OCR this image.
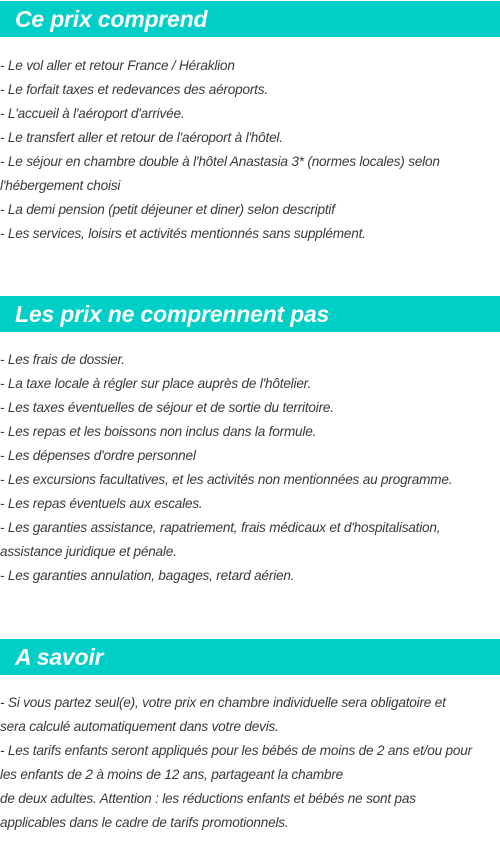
Ce prix comprend
- Le vol aller et retour France / Héraklion
- Le forfait taxes et redevances des aéroports.
- L'accueil à l'aéroport d'arrivée.
- Le transfert aller et retour de l'aéroport à l'hôtel.
- Le séjour en chambre double à l'hôtel Anastasia 3* (normes locales) selon
l'hébergement choisi
- La demi pension (petit déjeuner et diner) selon descriptif
- Les services, loisirs et activités mentionnés sans supplément.
Les prix ne comprennent pas
- Les frais de dossier.
- La taxe locale à régler sur place auprès de l'hôtelier.
- Les taxes éventuelles de séjour et de sortie du territoire.
- Les repas et les boissons non inclus dans la formule.
- Les dépenses d'ordre personnel
- Les excursions facultatives, et les activités non mentionnées au programme.
- Les repas éventuels aux escales.
- Les garanties assistance, rapatriement, frais médicaux et d'hospitalisation,
assistance juridique et pénale.
- Les garanties annulation, bagages, retard aérien.
A savoir
- Si vous partez seul(e), votre prix en chambre individuelle sera obligatoire et
sera calculé automatiquement dans votre devis.
- Les tarifs enfants seront appliqués pour les bébés de moins de 2 ans et/ou pour
les enfants de 2 à moins de 12 ans, partageant la chambre
de deux adultes. Attention : les réductions enfants et bébés ne sont pas
applicables dans le cadre de tarifs promotionnels.
